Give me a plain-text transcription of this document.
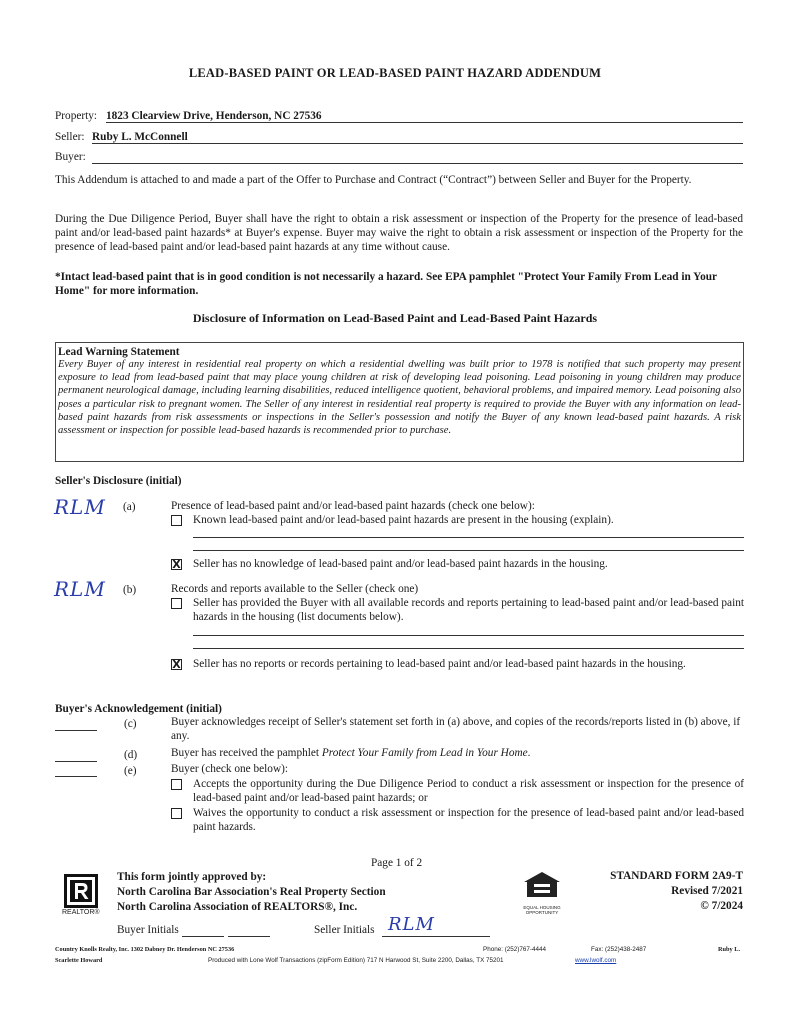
LEAD-BASED PAINT OR LEAD-BASED PAINT HAZARD ADDENDUM
Property: 1823 Clearview Drive, Henderson, NC 27536
Seller: Ruby L. McConnell
Buyer:
This Addendum is attached to and made a part of the Offer to Purchase and Contract (“Contract”) between Seller and Buyer for the Property.
During the Due Diligence Period, Buyer shall have the right to obtain a risk assessment or inspection of the Property for the presence of lead-based paint and/or lead-based paint hazards* at Buyer's expense. Buyer may waive the right to obtain a risk assessment or inspection of the Property for the presence of lead-based paint and/or lead-based paint hazards at any time without cause.
*Intact lead-based paint that is in good condition is not necessarily a hazard. See EPA pamphlet "Protect Your Family From Lead in Your Home" for more information.
Disclosure of Information on Lead-Based Paint and Lead-Based Paint Hazards
Lead Warning Statement
Every Buyer of any interest in residential real property on which a residential dwelling was built prior to 1978 is notified that such property may present exposure to lead from lead-based paint that may place young children at risk of developing lead poisoning. Lead poisoning in young children may produce permanent neurological damage, including learning disabilities, reduced intelligence quotient, behavioral problems, and impaired memory. Lead poisoning also poses a particular risk to pregnant women. The Seller of any interest in residential real property is required to provide the Buyer with any information on lead-based paint hazards from risk assessments or inspections in the Seller's possession and notify the Buyer of any known lead-based paint hazards. A risk assessment or inspection for possible lead-based hazards is recommended prior to purchase.
Seller's Disclosure (initial)
RLM (a)	Presence of lead-based paint and/or lead-based paint hazards (check one below):
Known lead-based paint and/or lead-based paint hazards are present in the housing (explain).
X
Seller has no knowledge of lead-based paint and/or lead-based paint hazards in the housing.
RLM (b)	Records and reports available to the Seller (check one)
Seller has provided the Buyer with all available records and reports pertaining to lead-based paint and/or lead-based paint hazards in the housing (list documents below).
X
Seller has no reports or records pertaining to lead-based paint and/or lead-based paint hazards in the housing.
Buyer's Acknowledgement (initial)
(c)	Buyer acknowledges receipt of Seller's statement set forth in (a) above, and copies of the records/reports listed in (b) above, if any.
(d)	Buyer has received the pamphlet Protect Your Family from Lead in Your Home.
(e)	Buyer (check one below):
Accepts the opportunity during the Due Diligence Period to conduct a risk assessment or inspection for the presence of lead-based paint and/or lead-based paint hazards; or
Waives the opportunity to conduct a risk assessment or inspection for the presence of lead-based paint and/or lead-based paint hazards.
Page 1 of 2
REALTOR®
This form jointly approved by:
North Carolina Bar Association's Real Property Section
North Carolina Association of REALTORS®, Inc.	EQUAL HOUSING OPPORTUNITY
STANDARD FORM 2A9-T
Revised 7/2021
© 7/2024
Buyer Initials	Seller Initials RLM
Country Knolls Realty, Inc. 1302 Dabney Dr. Henderson NC 27536	Phone: (252)767-4444	Fax: (252)438-2487	Ruby L.
Scarlette Howard	Produced with Lone Wolf Transactions (zipForm Edition) 717 N Harwood St, Suite 2200, Dallas, TX 75201	www.lwolf.com
